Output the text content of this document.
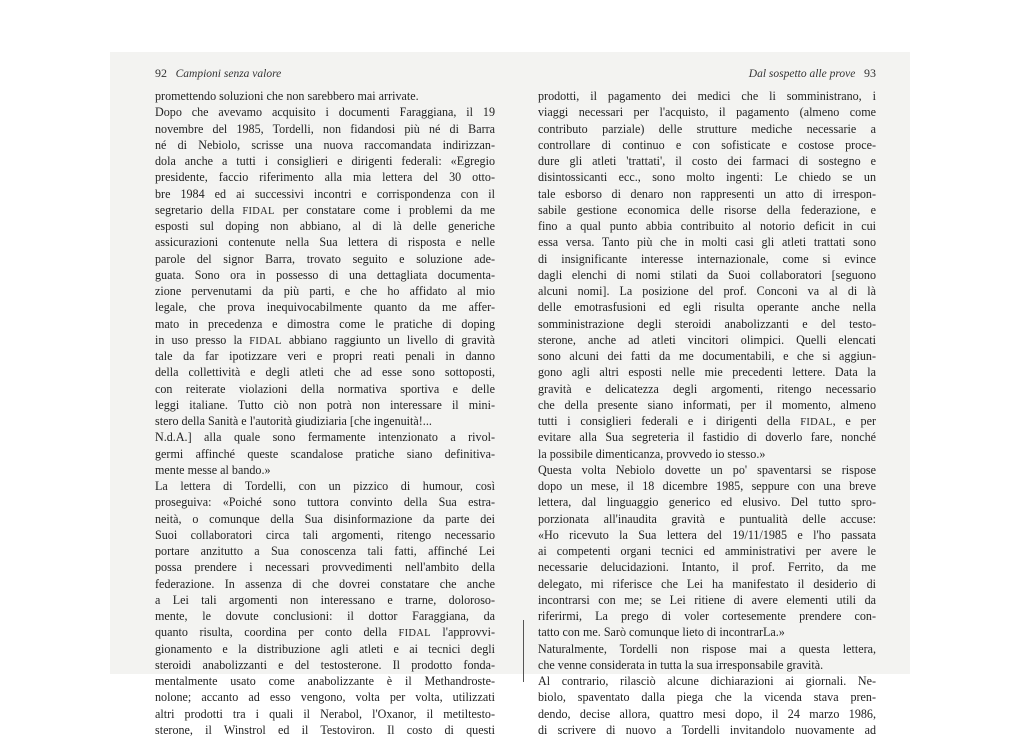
92 Campioni senza valore	Dal sospetto alle prove 93
promettendo soluzioni che non sarebbero mai arrivate.
Dopo che avevamo acquisito i documenti Faraggiana, il 19
novembre del 1985, Tordelli, non fidandosi più né di Barra
né di Nebiolo, scrisse una nuova raccomandata indirizzan-
dola anche a tutti i consiglieri e dirigenti federali: «Egregio
presidente, faccio riferimento alla mia lettera del 30 otto-
bre 1984 ed ai successivi incontri e corrispondenza con il
segretario della FIDAL per constatare come i problemi da me
esposti sul doping non abbiano, al di là delle generiche
assicurazioni contenute nella Sua lettera di risposta e nelle
parole del signor Barra, trovato seguito e soluzione ade-
guata. Sono ora in possesso di una dettagliata documenta-
zione pervenutami da più parti, e che ho affidato al mio
legale, che prova inequivocabilmente quanto da me affer-
mato in precedenza e dimostra come le pratiche di doping
in uso presso la FIDAL abbiano raggiunto un livello di gravità
tale da far ipotizzare veri e propri reati penali in danno
della collettività e degli atleti che ad esse sono sottoposti,
con reiterate violazioni della normativa sportiva e delle
leggi italiane. Tutto ciò non potrà non interessare il mini-
stero della Sanità e l'autorità giudiziaria [che ingenuità!...
N.d.A.] alla quale sono fermamente intenzionato a rivol-
germi affinché queste scandalose pratiche siano definitiva-
mente messe al bando.»
La lettera di Tordelli, con un pizzico di humour, così
proseguiva: «Poiché sono tuttora convinto della Sua estra-
neità, o comunque della Sua disinformazione da parte dei
Suoi collaboratori circa tali argomenti, ritengo necessario
portare anzitutto a Sua conoscenza tali fatti, affinché Lei
possa prendere i necessari provvedimenti nell'ambito della
federazione. In assenza di che dovrei constatare che anche
a Lei tali argomenti non interessano e trarne, doloroso-
mente, le dovute conclusioni: il dottor Faraggiana, da
quanto risulta, coordina per conto della FIDAL l'approvvi-
gionamento e la distribuzione agli atleti e ai tecnici degli
steroidi anabolizzanti e del testosterone. Il prodotto fonda-
mentalmente usato come anabolizzante è il Methandroste-
nolone; accanto ad esso vengono, volta per volta, utilizzati
altri prodotti tra i quali il Nerabol, l'Oxanor, il metiltesto-
sterone, il Winstrol ed il Testoviron. Il costo di questi
prodotti, il pagamento dei medici che li somministrano, i
viaggi necessari per l'acquisto, il pagamento (almeno come
contributo parziale) delle strutture mediche necessarie a
controllare di continuo e con sofisticate e costose proce-
dure gli atleti 'trattati', il costo dei farmaci di sostegno e
disintossicanti ecc., sono molto ingenti: Le chiedo se un
tale esborso di denaro non rappresenti un atto di irrespon-
sabile gestione economica delle risorse della federazione, e
fino a qual punto abbia contribuito al notorio deficit in cui
essa versa. Tanto più che in molti casi gli atleti trattati sono
di insignificante interesse internazionale, come si evince
dagli elenchi di nomi stilati da Suoi collaboratori [seguono
alcuni nomi]. La posizione del prof. Conconi va al di là
delle emotrasfusioni ed egli risulta operante anche nella
somministrazione degli steroidi anabolizzanti e del testo-
sterone, anche ad atleti vincitori olimpici. Quelli elencati
sono alcuni dei fatti da me documentabili, e che si aggiun-
gono agli altri esposti nelle mie precedenti lettere. Data la
gravità e delicatezza degli argomenti, ritengo necessario
che della presente siano informati, per il momento, almeno
tutti i consiglieri federali e i dirigenti della FIDAL, e per
evitare alla Sua segreteria il fastidio di doverlo fare, nonché
la possibile dimenticanza, provvedo io stesso.»
Questa volta Nebiolo dovette un po' spaventarsi se rispose
dopo un mese, il 18 dicembre 1985, seppure con una breve
lettera, dal linguaggio generico ed elusivo. Del tutto spro-
porzionata all'inaudita gravità e puntualità delle accuse:
«Ho ricevuto la Sua lettera del 19/11/1985 e l'ho passata
ai competenti organi tecnici ed amministrativi per avere le
necessarie delucidazioni. Intanto, il prof. Ferrito, da me
delegato, mi riferisce che Lei ha manifestato il desiderio di
incontrarsi con me; se Lei ritiene di avere elementi utili da
riferirmi, La prego di voler cortesemente prendere con-
tatto con me. Sarò comunque lieto di incontrarLa.»
Naturalmente, Tordelli non rispose mai a questa lettera,
che venne considerata in tutta la sua irresponsabile gravità.
Al contrario, rilasciò alcune dichiarazioni ai giornali. Ne-
biolo, spaventato dalla piega che la vicenda stava pren-
dendo, decise allora, quattro mesi dopo, il 24 marzo 1986,
di scrivere di nuovo a Tordelli invitandolo nuovamente ad
